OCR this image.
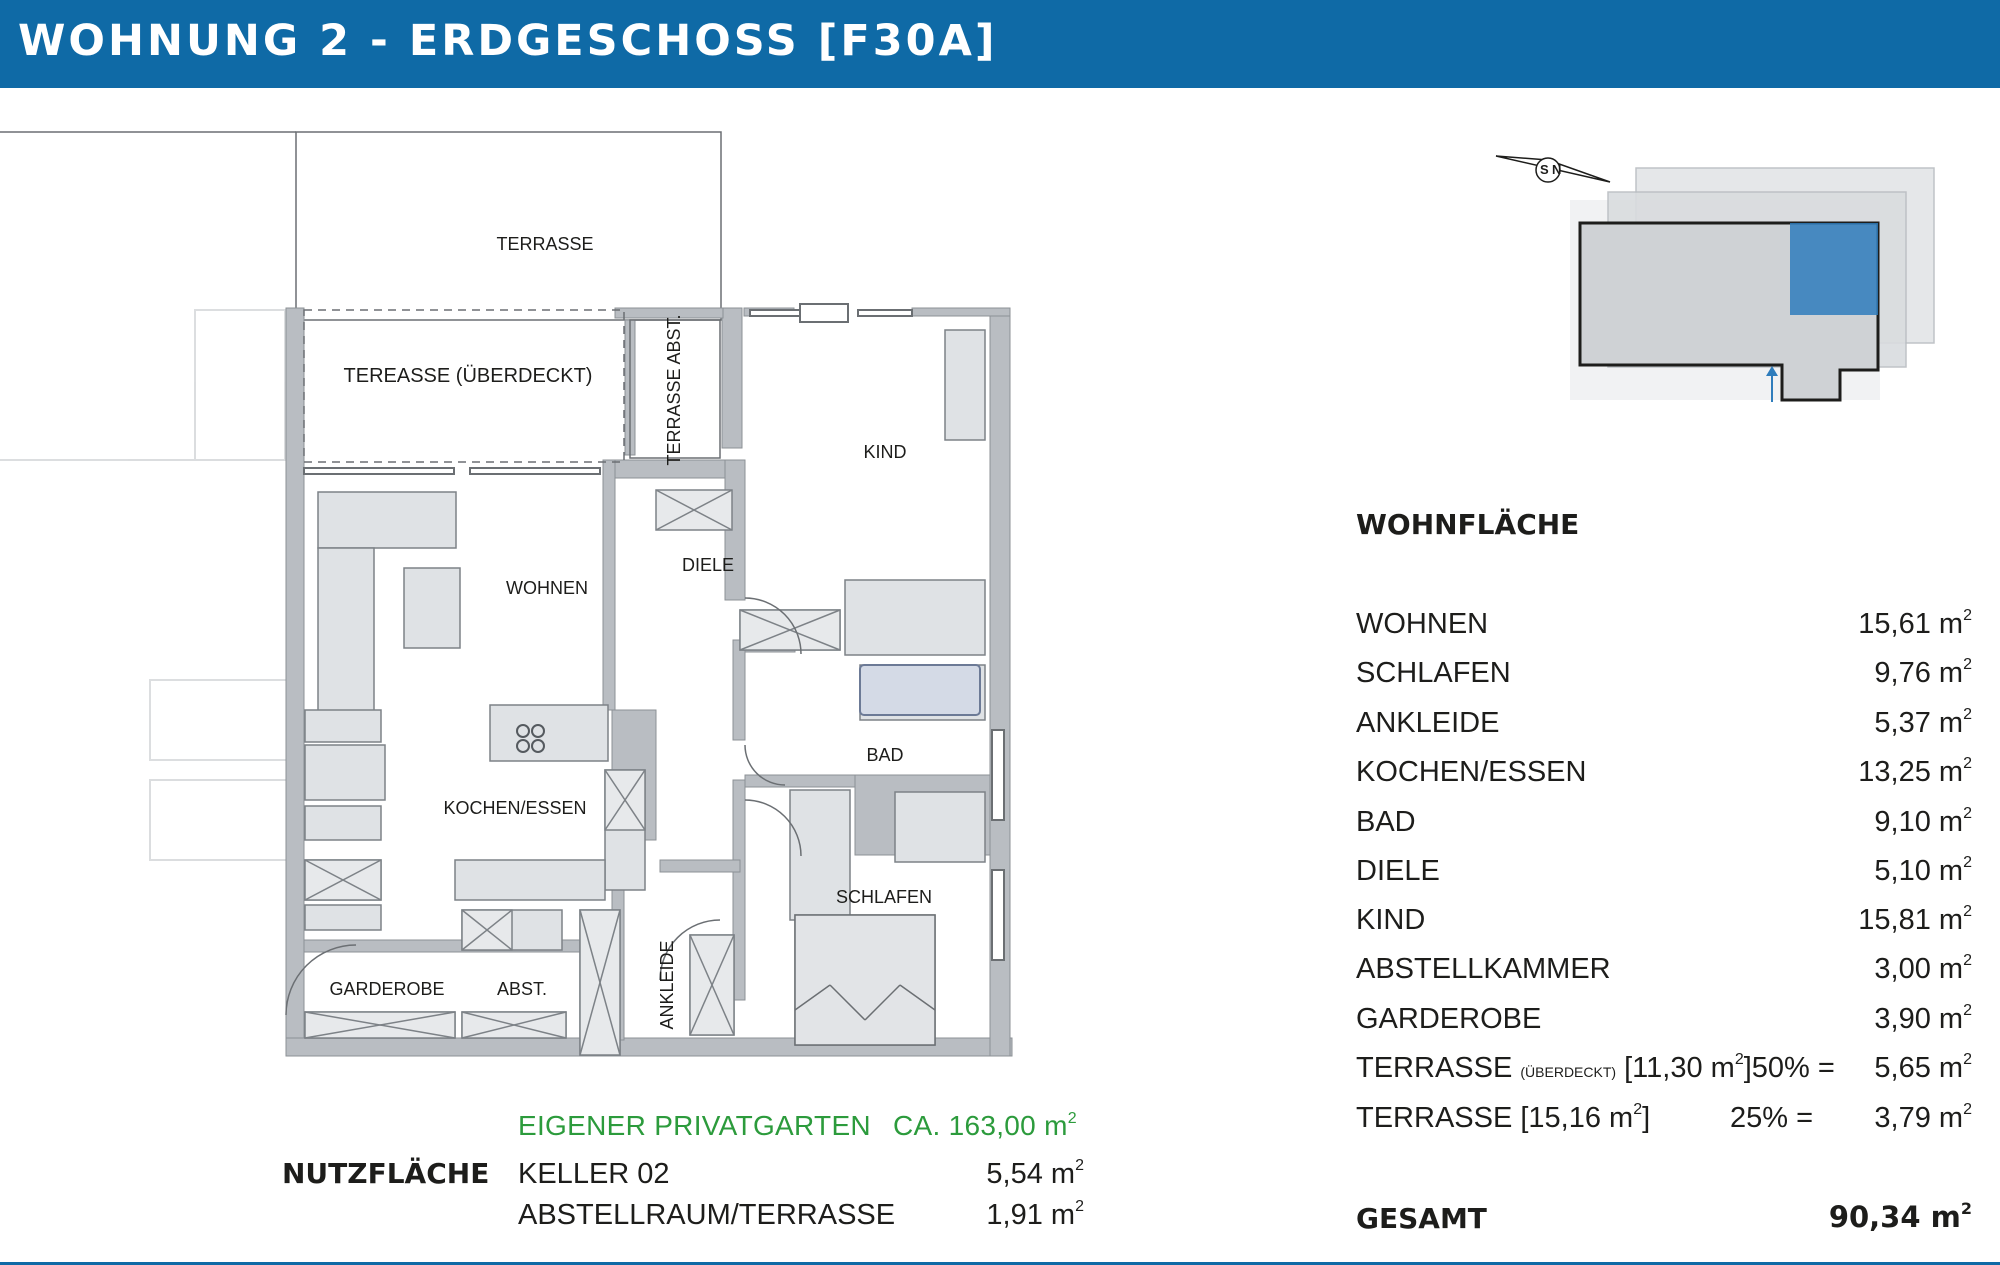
WOHNUNG 2 - ERDGESCHOSS [F30A]
TERRASSE
TEREASSE (ÜBERDECKT)	TERRASSE ABST.	KIND
DIELE
WOHNEN
BAD
KOCHEN/ESSEN
SCHLAFEN
GARDEROBE	ABST.	ANKLEIDE
S N
EIGENER PRIVATGARTEN CA. 163,00 $m^2$
NUTZFLÄCHE KELLER 02	5,54 $m^2$
ABSTELLRAUM/TERRASSE	1,91 $m^2$
WOHNFLÄCHE
WOHNEN	15,61 $m^2$
SCHLAFEN	9,76 $m^2$
ANKLEIDE	5,37 $m^2$
KOCHEN/ESSEN	13,25 $m^2$
BAD	9,10 $m^2$
DIELE	5,10 $m^2$
KIND	15,81 $m^2$
ABSTELLKAMMER	3,00 $m^2$
GARDEROBE	3,90 $m^2$
TERRASSE (ÜBERDECKT) [11,30 $m^2]50\% = 5,65$ $m^2$
TERRASSE [15,16 $m^2$]	25% = 3,79 $m^2$
GESAMT	90,34 $m^2$
